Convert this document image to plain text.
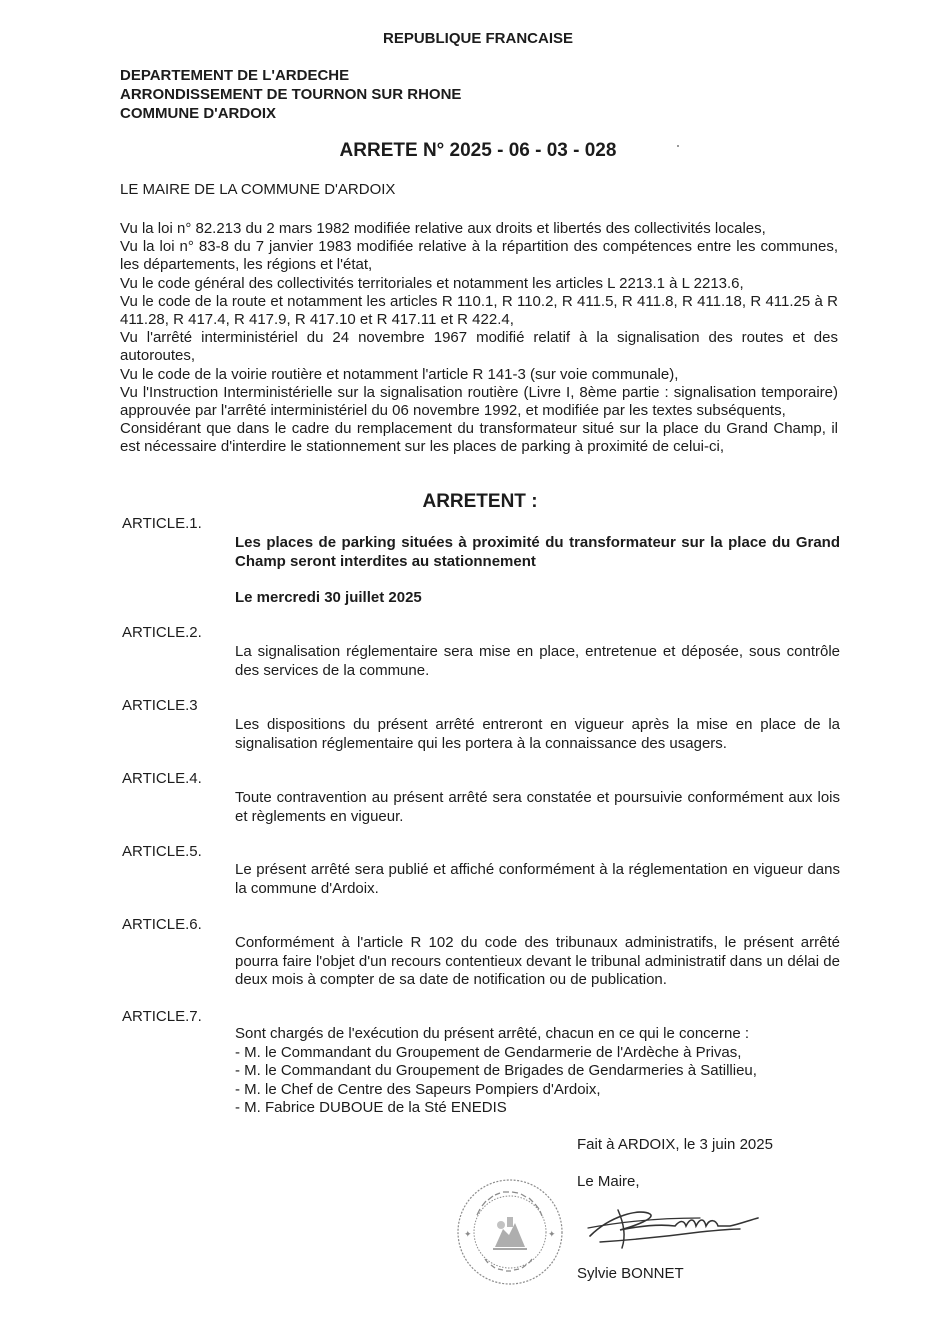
REPUBLIQUE FRANCAISE
DEPARTEMENT DE L'ARDECHE
ARRONDISSEMENT DE TOURNON SUR RHONE
COMMUNE D'ARDOIX
ARRETE N° 2025 - 06 - 03 - 028
LE MAIRE DE LA COMMUNE D'ARDOIX

Vu la loi n° 82.213 du 2 mars 1982 modifiée relative aux droits et libertés des collectivités locales,

Vu la loi n° 83-8 du 7 janvier 1983 modifiée relative à la répartition des compétences entre les communes, les départements, les régions et l'état,

Vu le code général des collectivités territoriales et notamment les articles L 2213.1 à L 2213.6,

Vu le code de la route et notamment les articles R 110.1, R 110.2, R 411.5, R 411.8, R 411.18, R 411.25 à R 411.28, R 417.4, R 417.9, R 417.10 et R 417.11 et R 422.4,

Vu l'arrêté interministériel du 24 novembre 1967 modifié relatif à la signalisation des routes et des autoroutes,

Vu le code de la voirie routière et notamment l'article R 141-3 (sur voie communale),

Vu l'Instruction Interministérielle sur la signalisation routière (Livre I, 8ème partie : signalisation temporaire) approuvée par l'arrêté interministériel du 06 novembre 1992, et modifiée par les textes subséquents,

Considérant que dans le cadre du remplacement du transformateur situé sur la place du Grand Champ, il est nécessaire d'interdire le stationnement sur les places de parking à proximité de celui-ci,

ARRETENT :
ARTICLE.1.

Les places de parking situées à proximité du transformateur sur la place du Grand Champ seront interdites au stationnement

Le mercredi 30 juillet 2025
ARTICLE.2.
La signalisation réglementaire sera mise en place, entretenue et déposée, sous contrôle des services de la commune.
ARTICLE.3
Les dispositions du présent arrêté entreront en vigueur après la mise en place de la signalisation réglementaire qui les portera à la connaissance des usagers.
ARTICLE.4.
Toute contravention au présent arrêté sera constatée et poursuivie conformément aux lois et règlements en vigueur.
ARTICLE.5.
Le présent arrêté sera publié et affiché conformément à la réglementation en vigueur dans la commune d'Ardoix.
ARTICLE.6.
Conformément à l'article R 102 du code des tribunaux administratifs, le présent arrêté pourra faire l'objet d'un recours contentieux devant le tribunal administratif dans un délai de deux mois à compter de sa date de notification ou de publication.
ARTICLE.7.

Sont chargés de l'exécution du présent arrêté, chacun en ce qui le concerne :

- M. le Commandant du Groupement de Gendarmerie de l'Ardèche à Privas,

- M. le Commandant du Groupement de Brigades de Gendarmeries à Satillieu,

- M. le Chef de Centre des Sapeurs Pompiers d'Ardoix,

- M. Fabrice DUBOUE de la Sté ENEDIS

Fait à ARDOIX, le 3 juin 2025
Le Maire,
✦	✦
Sylvie BONNET
